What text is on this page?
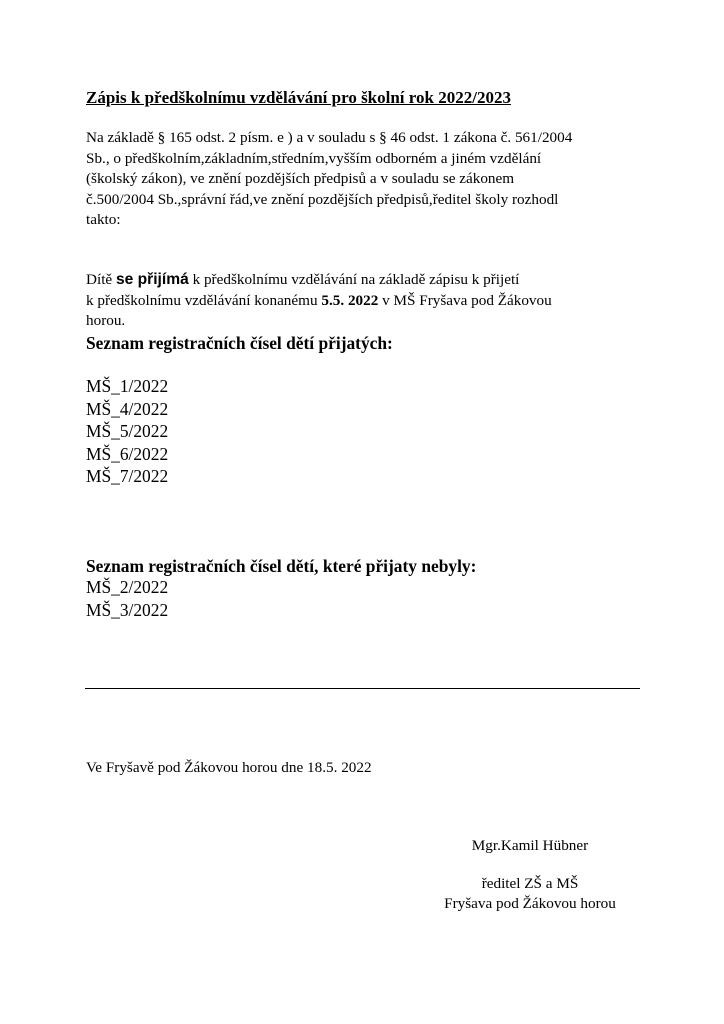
Zápis k předškolnímu vzdělávání pro školní rok 2022/2023

Na základě § 165 odst. 2 písm. e ) a v souladu s § 46 odst. 1 zákona č. 561/2004
Sb., o předškolním,základním,středním,vyšším odborném a jiném vzdělání
(školský zákon), ve znění pozdějších předpisů a v souladu se zákonem
č.500/2004 Sb.,správní řád,ve znění pozdějších předpisů,ředitel školy rozhodl
takto:

Dítě se přijímá k předškolnímu vzdělávání na základě zápisu k přijetí
k předškolnímu vzdělávání konanému 5.5. 2022 v MŠ Fryšava pod Žákovou
horou.

Seznam registračních čísel dětí přijatých:
MŠ_1/2022
MŠ_4/2022
MŠ_5/2022
MŠ_6/2022
MŠ_7/2022
Seznam registračních čísel dětí, které přijaty nebyly:
MŠ_2/2022
MŠ_3/2022

Ve Fryšavě pod Žákovou horou dne 18.5. 2022

Mgr.Kamil Hübner
ředitel ZŠ a MŠ
Fryšava pod Žákovou horou
